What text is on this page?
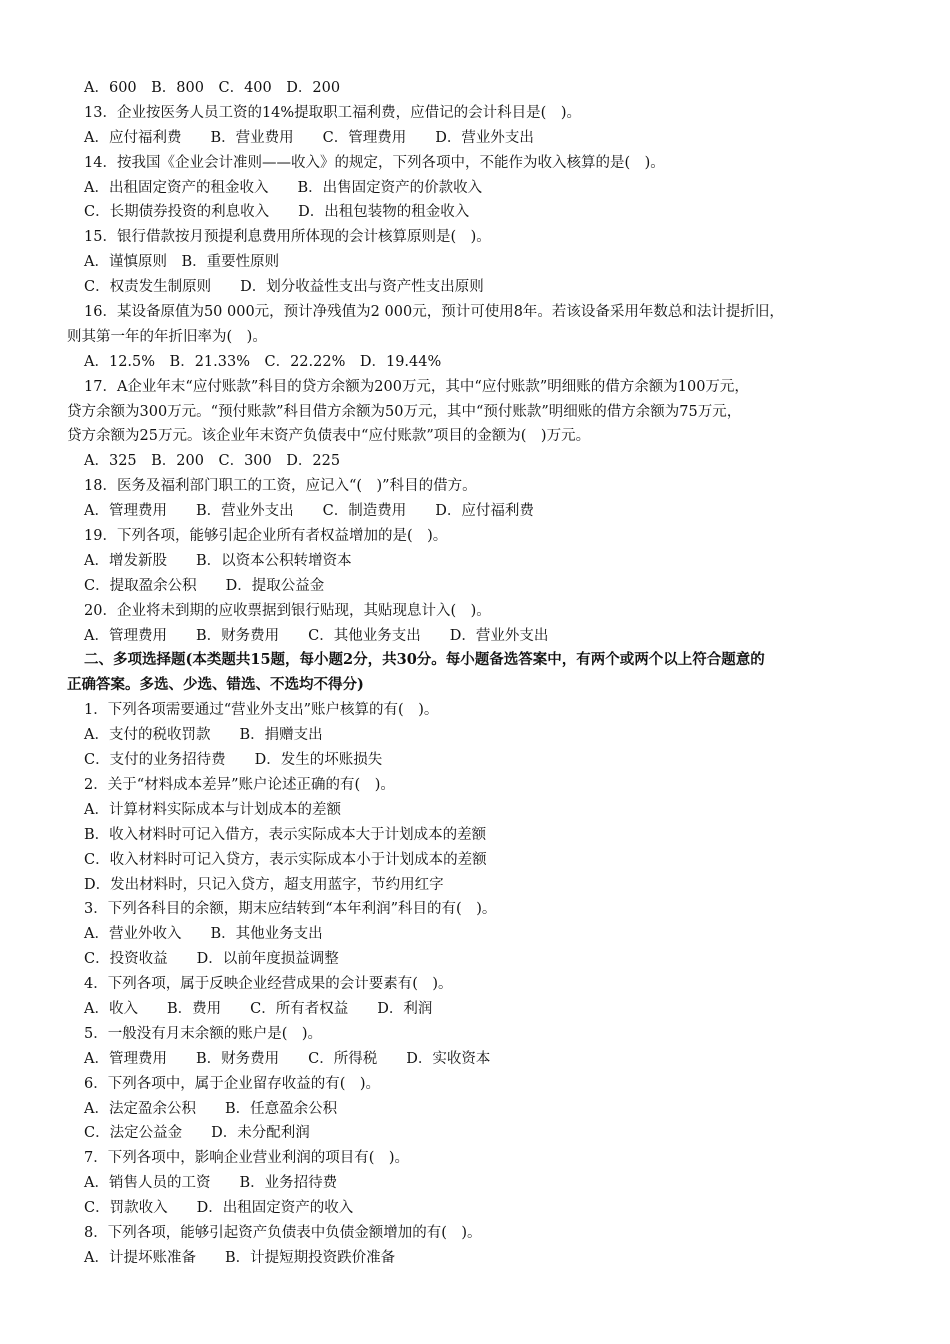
A．600　B．800　C．400　D．200
13．企业按医务人员工资的14%提取职工福利费，应借记的会计科目是(　)。
A．应付福利费　　B．营业费用　　C．管理费用　　D．营业外支出
14．按我国《企业会计准则——收入》的规定，下列各项中，不能作为收入核算的是(　)。
A．出租固定资产的租金收入　　B．出售固定资产的价款收入
C．长期债券投资的利息收入　　D．出租包装物的租金收入
15．银行借款按月预提利息费用所体现的会计核算原则是(　)。
A．谨慎原则　B．重要性原则
C．权责发生制原则　　D．划分收益性支出与资产性支出原则
16．某设备原值为50 000元，预计净残值为2 000元，预计可使用8年。若该设备采用年数总和法计提折旧，
则其第一年的年折旧率为(　)。
A．12.5%　B．21.33%　C．22.22%　D．19.44%
17．A企业年末“应付账款”科目的贷方余额为200万元，其中“应付账款”明细账的借方余额为100万元，
贷方余额为300万元。“预付账款”科目借方余额为50万元，其中“预付账款”明细账的借方余额为75万元，
贷方余额为25万元。该企业年末资产负债表中“应付账款”项目的金额为(　)万元。
A．325　B．200　C．300　D．225
18．医务及福利部门职工的工资，应记入“(　)”科目的借方。
A．管理费用　　B．营业外支出　　C．制造费用　　D．应付福利费
19．下列各项，能够引起企业所有者权益增加的是(　)。
A．增发新股　　B．以资本公积转增资本
C．提取盈余公积　　D．提取公益金
20．企业将未到期的应收票据到银行贴现，其贴现息计入(　)。
A．管理费用　　B．财务费用　　C．其他业务支出　　D．营业外支出
二、多项选择题(本类题共15题，每小题2分，共30分。每小题备选答案中，有两个或两个以上符合题意的
正确答案。多选、少选、错选、不选均不得分)
1．下列各项需要通过“营业外支出”账户核算的有(　)。
A．支付的税收罚款　　B．捐赠支出
C．支付的业务招待费　　D．发生的坏账损失
2．关于“材料成本差异”账户论述正确的有(　)。
A．计算材料实际成本与计划成本的差额
B．收入材料时可记入借方，表示实际成本大于计划成本的差额
C．收入材料时可记入贷方，表示实际成本小于计划成本的差额
D．发出材料时，只记入贷方，超支用蓝字，节约用红字
3．下列各科目的余额，期末应结转到“本年利润”科目的有(　)。
A．营业外收入　　B．其他业务支出
C．投资收益　　D．以前年度损益调整
4．下列各项，属于反映企业经营成果的会计要素有(　)。
A．收入　　B．费用　　C．所有者权益　　D．利润
5．一般没有月末余额的账户是(　)。
A．管理费用　　B．财务费用　　C．所得税　　D．实收资本
6．下列各项中，属于企业留存收益的有(　)。
A．法定盈余公积　　B．任意盈余公积
C．法定公益金　　D．未分配利润
7．下列各项中，影响企业营业利润的项目有(　)。
A．销售人员的工资　　B．业务招待费
C．罚款收入　　D．出租固定资产的收入
8．下列各项，能够引起资产负债表中负债金额增加的有(　)。
A．计提坏账准备　　B．计提短期投资跌价准备
